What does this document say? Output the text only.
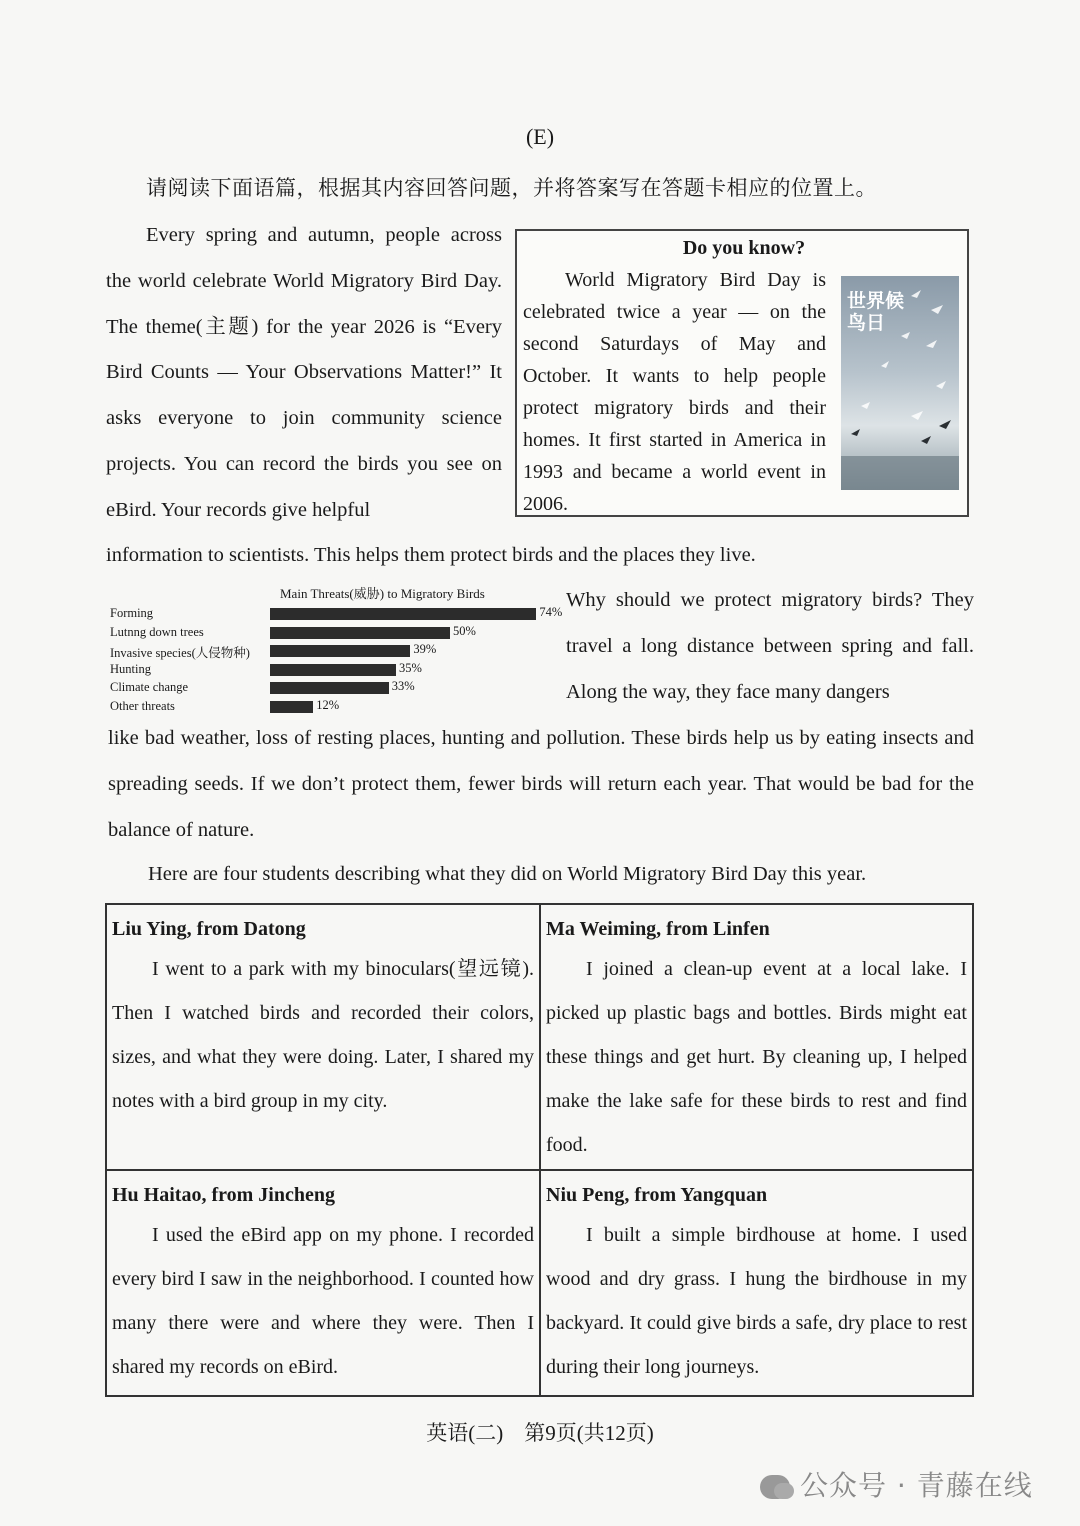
(E)
请阅读下面语篇，根据其内容回答问题，并将答案写在答题卡相应的位置上。
Every spring and autumn, people across the world celebrate World Migratory Bird Day. The theme(主题) for the year 2026 is “Every Bird Counts — Your Observations Matter!” It asks everyone to join community science projects. You can record the birds you see on eBird. Your records give helpful
information to scientists. This helps them protect birds and the places they live.
Do you know?
World Migratory Bird Day is celebrated twice a year — on the second Saturdays of May and October. It wants to help people protect migratory birds and their homes. It first started in America in 1993 and became a world event in 2006.
世界候鸟日
Main Threats(威胁) to Migratory Birds
Forming	74%
Lutnng down trees	50%
Invasive species(人侵物种)	39%
Hunting	35%
Climate change	33%
Other threats	12%
Why should we protect migratory birds? They travel a long distance between spring and fall. Along the way, they face many dangers
like bad weather, loss of resting places, hunting and pollution. These birds help us by eating insects and spreading seeds. If we don’t protect them, fewer birds will return each year. That would be bad for the balance of nature.
Here are four students describing what they did on World Migratory Bird Day this year.
Liu Ying, from Datong
I went to a park with my binoculars(望远镜). Then I watched birds and recorded their colors, sizes, and what they were doing. Later, I shared my notes with a bird group in my city.
Ma Weiming, from Linfen
I joined a clean-up event at a local lake. I picked up plastic bags and bottles. Birds might eat these things and get hurt. By cleaning up, I helped make the lake safe for these birds to rest and find food.
Hu Haitao, from Jincheng
I used the eBird app on my phone. I recorded every bird I saw in the neighborhood. I counted how many there were and where they were. Then I shared my records on eBird.
Niu Peng, from Yangquan
I built a simple birdhouse at home. I used wood and dry grass. I hung the birdhouse in my backyard. It could give birds a safe, dry place to rest during their long journeys.
英语(二)　第9页(共12页)
公众号 · 青藤在线
